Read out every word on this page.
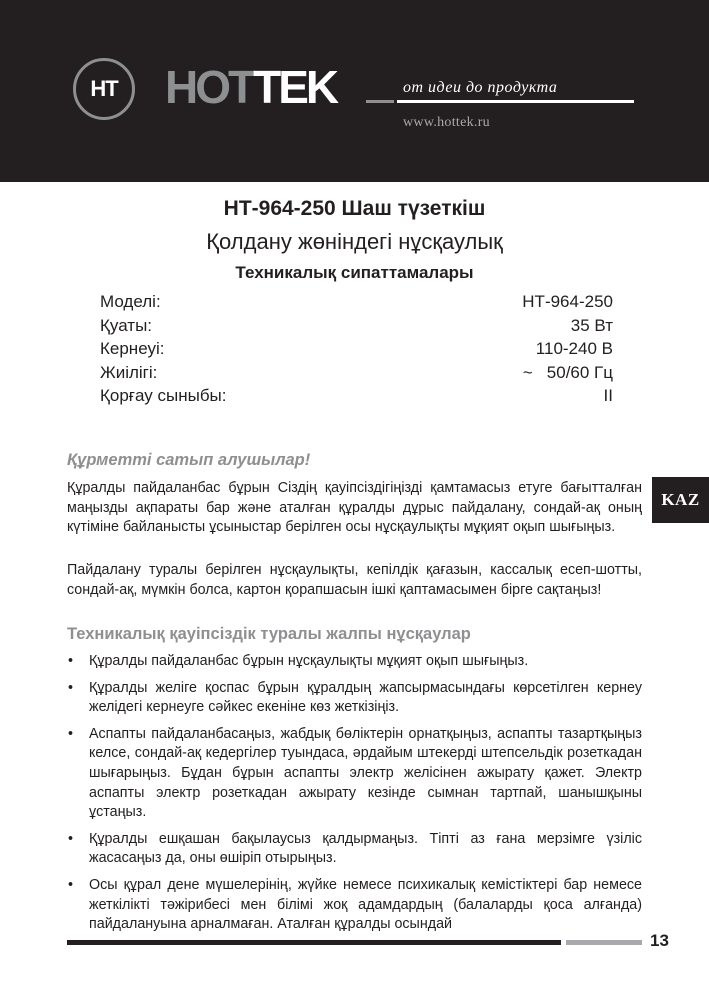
НТ HOTTEK	от идеи до продукта
www.hottek.ru
НТ-964-250 Шаш түзеткіш
Қолдану жөніндегі нұсқаулық
Техникалық сипаттамалары
Моделі:	НТ-964-250
Қуаты:	35 Вт
Кернеуі:	110-240 В
Жиілігі:	~   50/60 Гц
Қорғау сыныбы:	II
KAZ
Құрметті сатып алушылар!

Құралды пайдаланбас бұрын Сіздің қауіпсіздігіңізді қамтамасыз етуге бағытталған маңызды ақпараты бар және аталған құралды дұрыс пайдалану, сондай-ақ оның күтіміне байланысты ұсыныстар берілген осы нұсқаулықты мұқият оқып шығыңыз.

Пайдалану туралы берілген нұсқаулықты, кепілдік қағазын, кассалық есеп-шотты, сондай-ақ, мүмкін болса, картон қорапшасын ішкі қаптамасымен бірге сақтаңыз!

Техникалық қауіпсіздік туралы жалпы нұсқаулар
• Құралды пайдаланбас бұрын нұсқаулықты мұқият оқып шығыңыз.
• Құралды желіге қоспас бұрын құралдың жапсырмасындағы көрсетілген кернеу желідегі кернеуге сәйкес екеніне көз жеткізіңіз.
• Аспапты пайдаланбасаңыз, жабдық бөліктерін орнатқыңыз, аспапты тазартқыңыз келсе, сондай-ақ кедергілер туындаса, әрдайым штекерді штепсельдік розеткадан шығарыңыз. Бұдан бұрын аспапты электр желісінен ажырату қажет. Электр аспапты электр розеткадан ажырату кезінде сымнан тартпай, шанышқыны ұстаңыз.
• Құралды ешқашан бақылаусыз қалдырмаңыз. Тіпті аз ғана мерзімге үзіліс жасасаңыз да, оны өшіріп отырыңыз.
• Осы құрал дене мүшелерінің, жүйке немесе психикалық кемістіктері бар немесе жеткілікті тәжірибесі мен білімі жоқ адамдардың (балаларды қоса алғанда) пайдалануына арналмаған. Аталған құралды осындай
13
